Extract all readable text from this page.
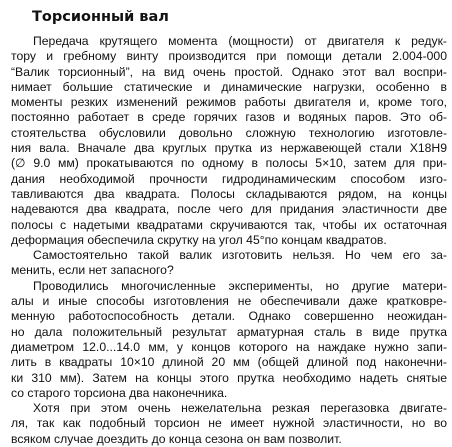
Торсионный вал
Передача крутящего момента (мощности) от двигателя к редук-
тору и гребному винту производится при помощи детали 2.004-000
“Валик торсионный”, на вид очень простой. Однако этот вал воспри-
нимает большие статические и динамические нагрузки, особенно в
моменты резких изменений режимов работы двигателя и, кроме того,
постоянно работает в среде горячих газов и водяных паров. Это об-
стоятельства обусловили довольно сложную технологию изготовле-
ния вала. Вначале два круглых прутка из нержавеющей стали Х18Н9
(∅ 9.0 мм) прокатываются по одному в полосы 5×10, затем для при-
дания необходимой прочности гидродинамическим способом изго-
тавливаются два квадрата. Полосы складываются рядом, на концы
надеваются два квадрата, после чего для придания эластичности две
полосы с надетыми квадратами скручиваются так, чтобы их остаточная
деформация обеспечила скрутку на угол 45°по концам квадратов.
Самостоятельно такой валик изготовить нельзя. Но чем его за-
менить, если нет запасного?
Проводились многочисленные эксперименты, но другие матери-
алы и иные способы изготовления не обеспечивали даже кратковре-
менную работоспособность детали. Однако совершенно неожидан-
но дала положительный результат арматурная сталь в виде прутка
диаметром 12.0...14.0 мм, у концов которого на наждаке нужно запи-
лить в квадраты 10×10 длиной 20 мм (общей длиной под наконечни-
ки 310 мм). Затем на концы этого прутка необходимо надеть снятые
со старого торсиона два наконечника.
Хотя при этом очень нежелательна резкая перегазовка двигате-
ля, так как подобный торсион не имеет нужной эластичности, но во
всяком случае доездить до конца сезона он вам позволит.
